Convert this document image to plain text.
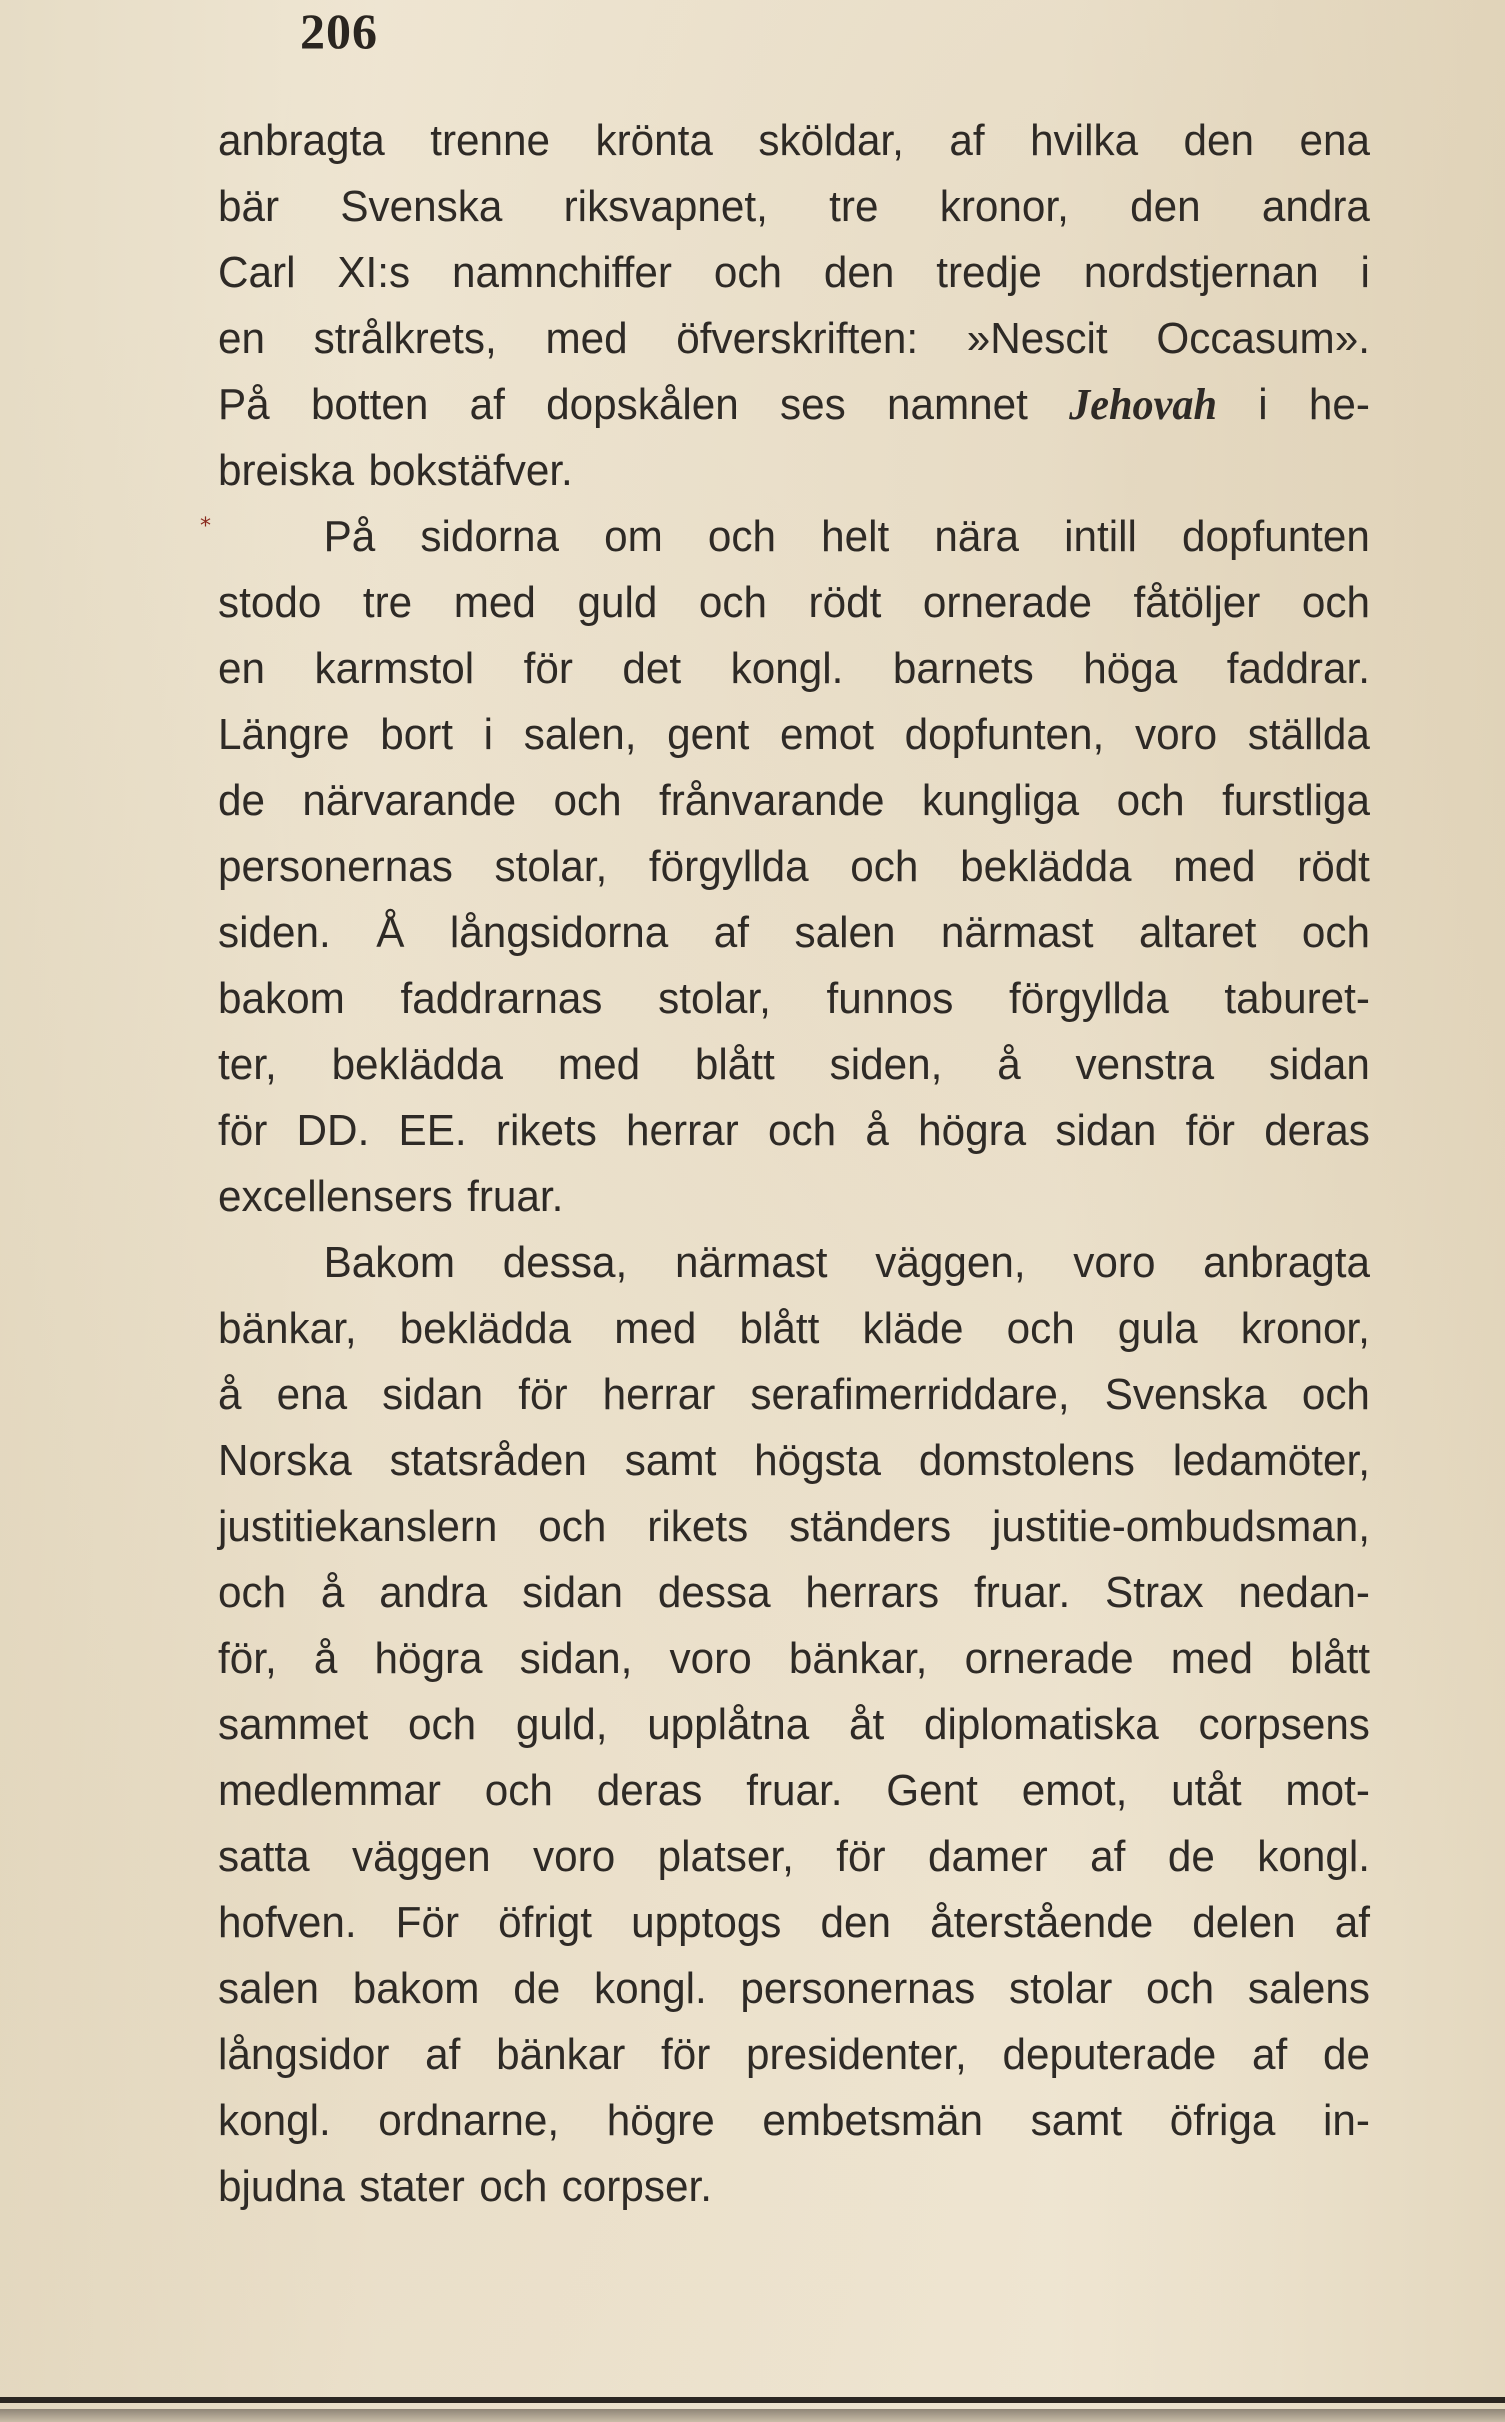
206
*
anbragta trenne krönta sköldar, af hvilka den ena
bär Svenska riksvapnet, tre kronor, den andra
Carl XI:s namnchiffer och den tredje nordstjernan i
en strålkrets, med öfverskriften: »Nescit Occasum».
På botten af dopskålen ses namnet Jehovah i he-
breiska bokstäfver.
På sidorna om och helt nära intill dopfunten
stodo tre med guld och rödt ornerade fåtöljer och
en karmstol för det kongl. barnets höga faddrar.
Längre bort i salen, gent emot dopfunten, voro ställda
de närvarande och frånvarande kungliga och furstliga
personernas stolar, förgyllda och beklädda med rödt
siden. Å långsidorna af salen närmast altaret och
bakom faddrarnas stolar, funnos förgyllda taburet-
ter, beklädda med blått siden, å venstra sidan
för DD. EE. rikets herrar och å högra sidan för deras
excellensers fruar.
Bakom dessa, närmast väggen, voro anbragta
bänkar, beklädda med blått kläde och gula kronor,
å ena sidan för herrar serafimerriddare, Svenska och
Norska statsråden samt högsta domstolens ledamöter,
justitiekanslern och rikets ständers justitie-ombudsman,
och å andra sidan dessa herrars fruar. Strax nedan-
för, å högra sidan, voro bänkar, ornerade med blått
sammet och guld, upplåtna åt diplomatiska corpsens
medlemmar och deras fruar. Gent emot, utåt mot-
satta väggen voro platser, för damer af de kongl.
hofven. För öfrigt upptogs den återstående delen af
salen bakom de kongl. personernas stolar och salens
långsidor af bänkar för presidenter, deputerade af de
kongl. ordnarne, högre embetsmän samt öfriga in-
bjudna stater och corpser.
